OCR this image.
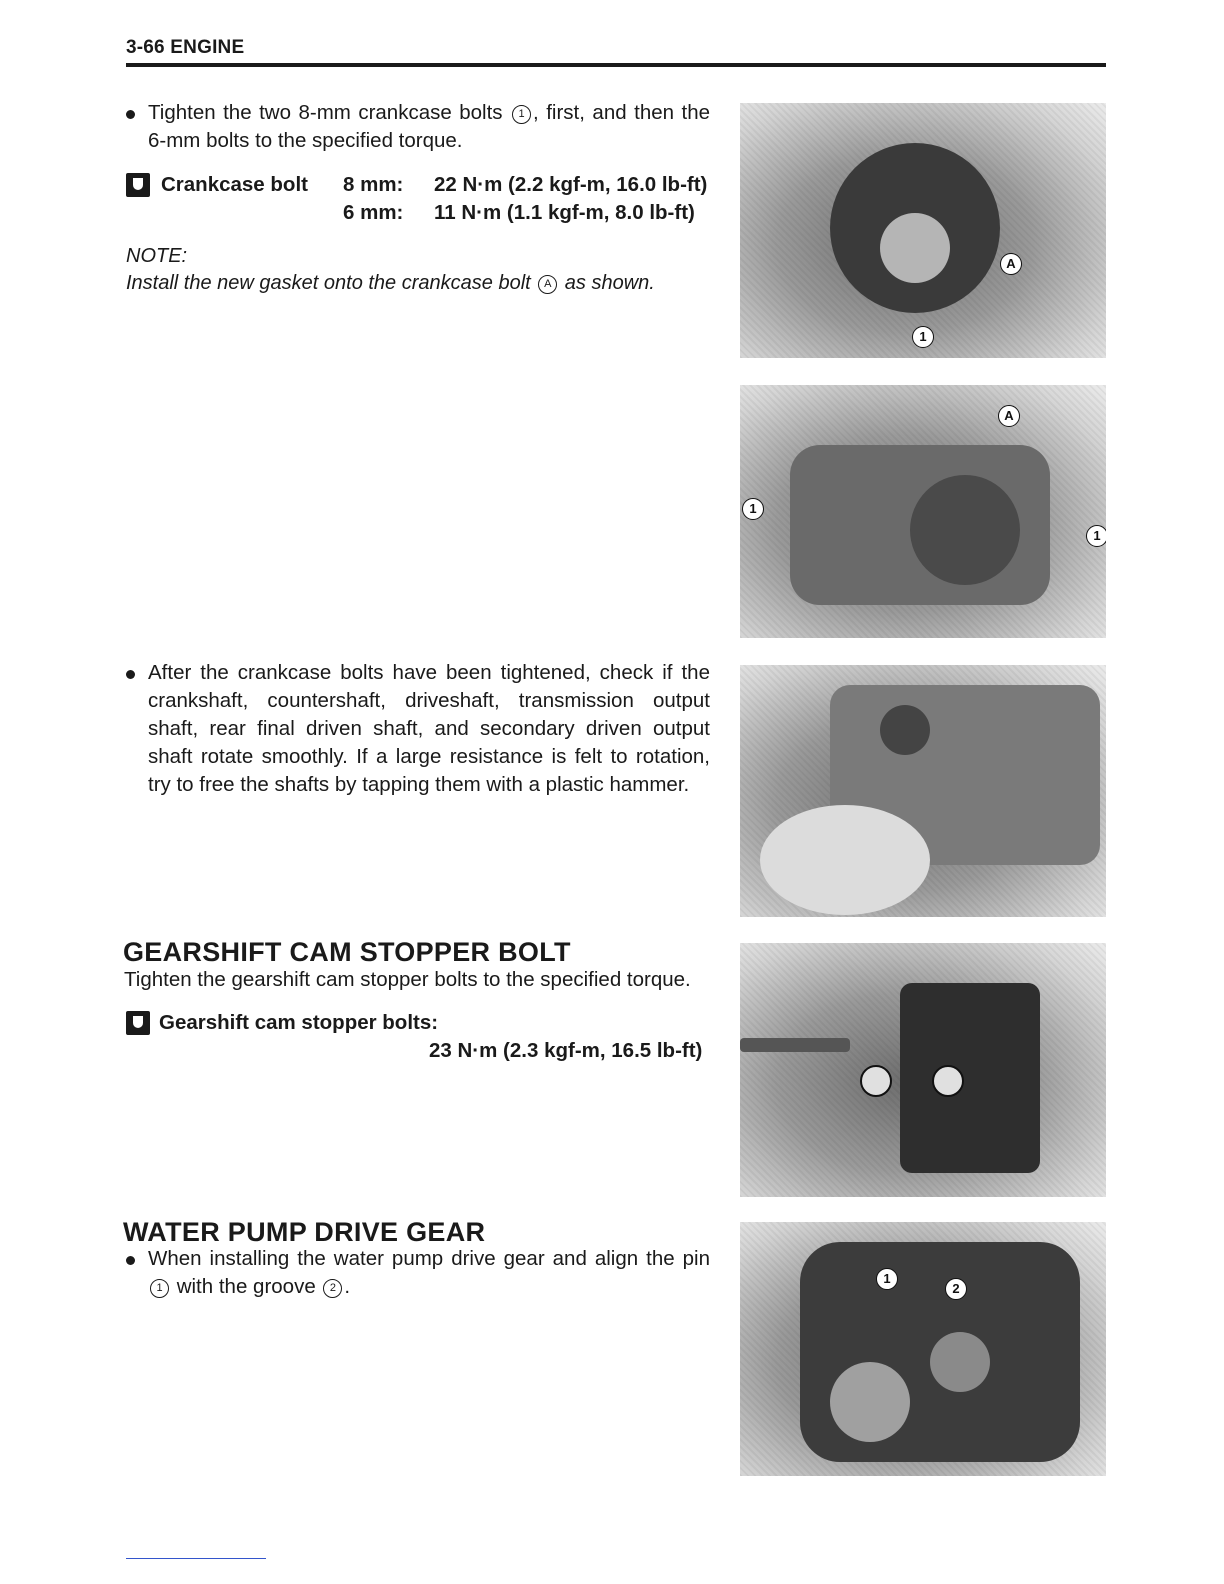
3-66 ENGINE
Tighten the two 8-mm crankcase bolts 1 , first, and then the 6-mm bolts to the specified torque.
Crankcase bolt 8 mm: 22 N·m (2.2 kgf-m, 16.0 lb-ft)
6 mm: 11 N·m (1.1 kgf-m, 8.0 lb-ft)
NOTE:
Install the new gasket onto the crankcase bolt A as shown.
After the crankcase bolts have been tightened, check if the crankshaft, countershaft, driveshaft, transmission output shaft, rear final driven shaft, and secondary driven output shaft rotate smoothly. If a large resistance is felt to rotation, try to free the shafts by tapping them with a plastic hammer.
GEARSHIFT CAM STOPPER BOLT
Tighten the gearshift cam stopper bolts to the specified torque.
Gearshift cam stopper bolts:
23 N·m (2.3 kgf-m, 16.5 lb-ft)
WATER PUMP DRIVE GEAR
When installing the water pump drive gear and align the pin 1 with the groove 2 .
1
A
A
1
1
1
2
